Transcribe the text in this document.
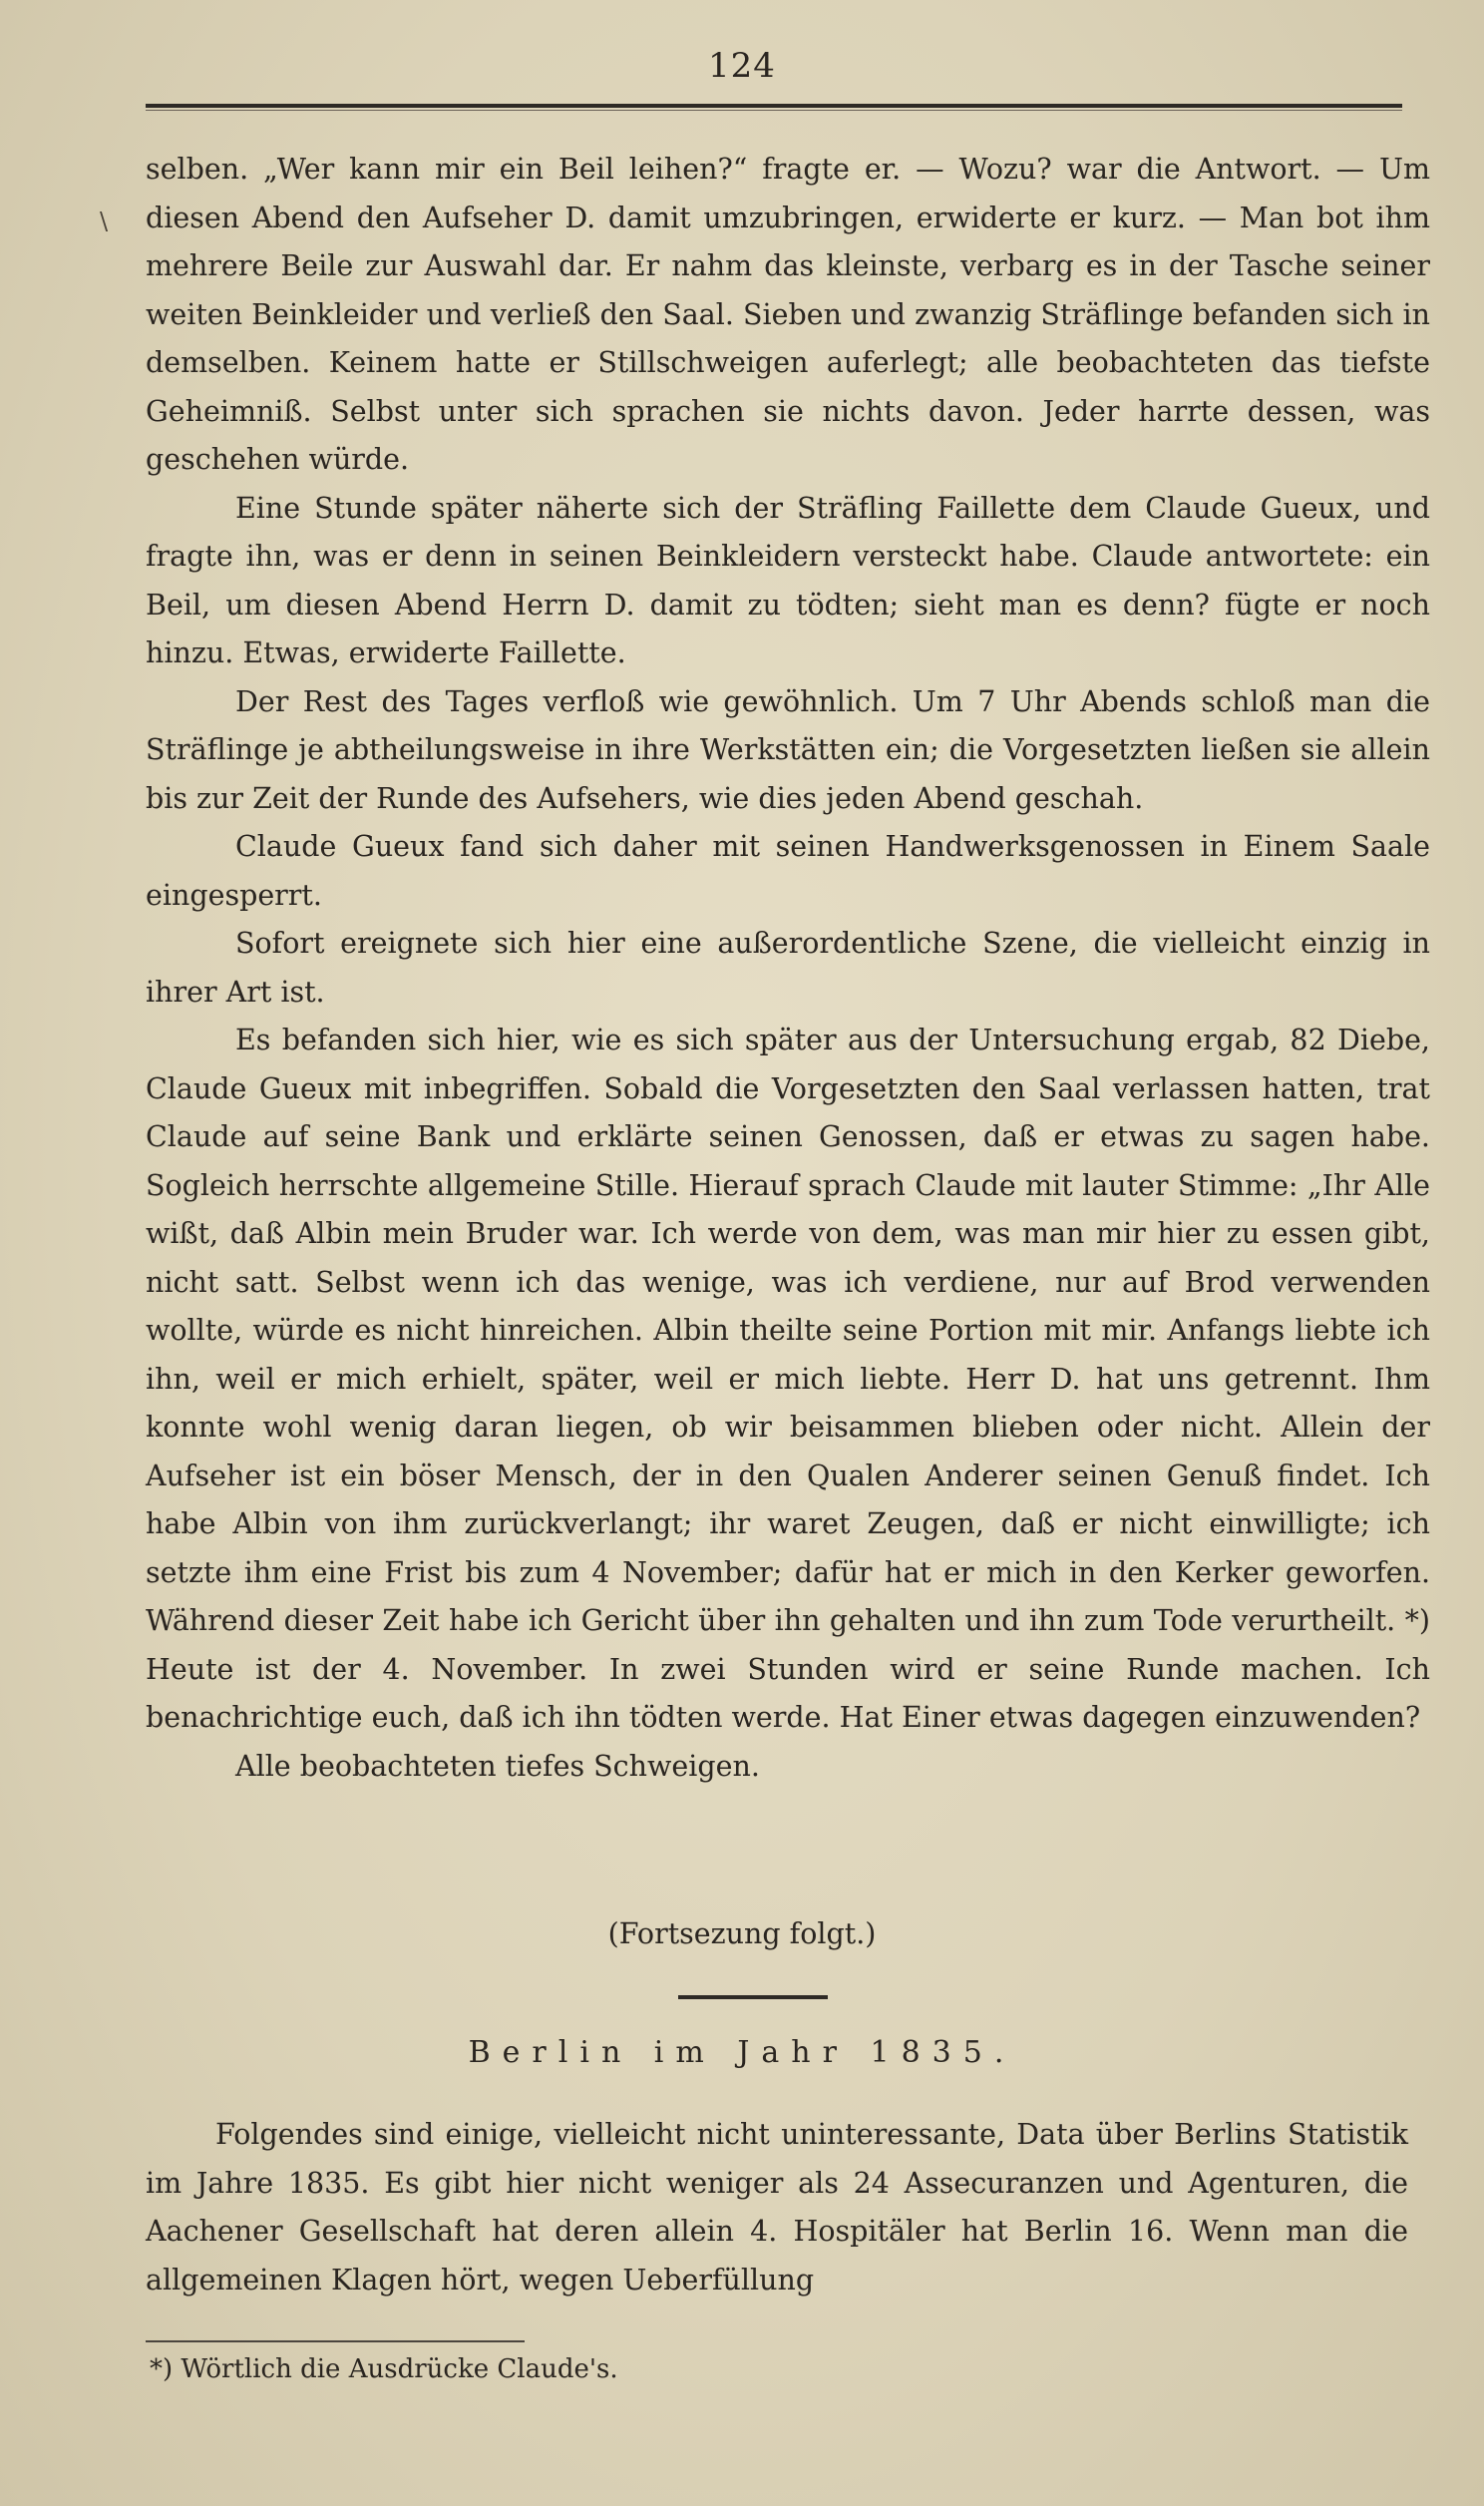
124
\

selben. „Wer kann mir ein Beil leihen?“ fragte er. — Wozu? war die Antwort. — Um diesen Abend den Aufseher D. damit umzubringen, erwiderte er kurz. — Man bot ihm mehrere Beile zur Auswahl dar. Er nahm das kleinste, verbarg es in der Tasche seiner weiten Beinkleider und verließ den Saal. Sieben und zwanzig Sträflinge befanden sich in demselben. Keinem hatte er Stillschweigen auferlegt; alle beobachteten das tiefste Geheimniß. Selbst unter sich sprachen sie nichts davon. Jeder harrte dessen, was geschehen würde.

Eine Stunde später näherte sich der Sträfling Faillette dem Claude Gueux, und fragte ihn, was er denn in seinen Beinkleidern versteckt habe. Claude antwortete: ein Beil, um diesen Abend Herrn D. damit zu tödten; sieht man es denn? fügte er noch hinzu. Etwas, erwiderte Faillette.

Der Rest des Tages verfloß wie gewöhnlich. Um 7 Uhr Abends schloß man die Sträflinge je abtheilungsweise in ihre Werkstätten ein; die Vorgesetzten ließen sie allein bis zur Zeit der Runde des Aufsehers, wie dies jeden Abend geschah.

Claude Gueux fand sich daher mit seinen Handwerksgenossen in Einem Saale eingesperrt.

Sofort ereignete sich hier eine außerordentliche Szene, die vielleicht einzig in ihrer Art ist.

Es befanden sich hier, wie es sich später aus der Untersuchung ergab, 82 Diebe, Claude Gueux mit inbegriffen. Sobald die Vorgesetzten den Saal verlassen hatten, trat Claude auf seine Bank und erklärte seinen Genossen, daß er etwas zu sagen habe. Sogleich herrschte allgemeine Stille. Hierauf sprach Claude mit lauter Stimme: „Ihr Alle wißt, daß Albin mein Bruder war. Ich werde von dem, was man mir hier zu essen gibt, nicht satt. Selbst wenn ich das wenige, was ich verdiene, nur auf Brod verwenden wollte, würde es nicht hinreichen. Albin theilte seine Portion mit mir. Anfangs liebte ich ihn, weil er mich erhielt, später, weil er mich liebte. Herr D. hat uns getrennt. Ihm konnte wohl wenig daran liegen, ob wir beisammen blieben oder nicht. Allein der Aufseher ist ein böser Mensch, der in den Qualen Anderer seinen Genuß findet. Ich habe Albin von ihm zurückverlangt; ihr waret Zeugen, daß er nicht einwilligte; ich setzte ihm eine Frist bis zum 4 November; dafür hat er mich in den Kerker geworfen. Während dieser Zeit habe ich Gericht über ihn gehalten und ihn zum Tode verurtheilt. *) Heute ist der 4. November. In zwei Stunden wird er seine Runde machen. Ich benachrichtige euch, daß ich ihn tödten werde. Hat Einer etwas dagegen einzuwenden?

Alle beobachteten tiefes Schweigen.

(Fortsezung folgt.)
Berlin im Jahr 1835.

Folgendes sind einige, vielleicht nicht uninteressante, Data über Berlins Statistik im Jahre 1835. Es gibt hier nicht weniger als 24 Assecuranzen und Agenturen, die Aachener Gesellschaft hat deren allein 4. Hospitäler hat Berlin 16. Wenn man die allgemeinen Klagen hört, wegen Ueberfüllung

*) Wörtlich die Ausdrücke Claude's.
